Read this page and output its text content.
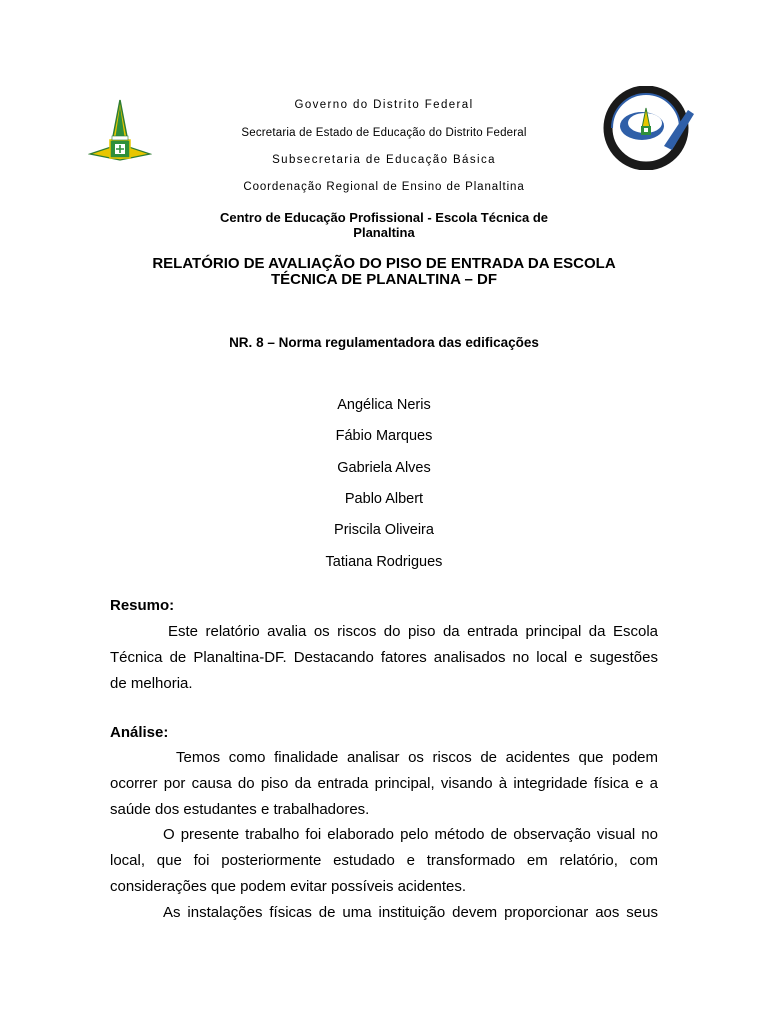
Governo do Distrito Federal
Secretaria de Estado de Educação do Distrito Federal
Subsecretaria de Educação Básica
Coordenação Regional de Ensino de Planaltina
Centro de Educação Profissional - Escola Técnica de
Planaltina
RELATÓRIO DE AVALIAÇÃO DO PISO DE ENTRADA DA ESCOLA
TÉCNICA DE PLANALTINA – DF
NR. 8 – Norma regulamentadora das edificações
Angélica Neris
Fábio Marques
Gabriela Alves
Pablo Albert
Priscila Oliveira
Tatiana Rodrigues
Resumo:
Este relatório avalia os riscos do piso da entrada principal da Escola
Técnica de Planaltina-DF. Destacando fatores analisados no local e sugestões
de melhoria.
Análise:
Temos como finalidade analisar os riscos de acidentes que podem
ocorrer por causa do piso da entrada principal, visando à integridade física e a
saúde dos estudantes e trabalhadores.
O presente trabalho foi elaborado pelo método de observação visual no
local, que foi posteriormente estudado e transformado em relatório, com
considerações que podem evitar possíveis acidentes.
As instalações físicas de uma instituição devem proporcionar aos seus
